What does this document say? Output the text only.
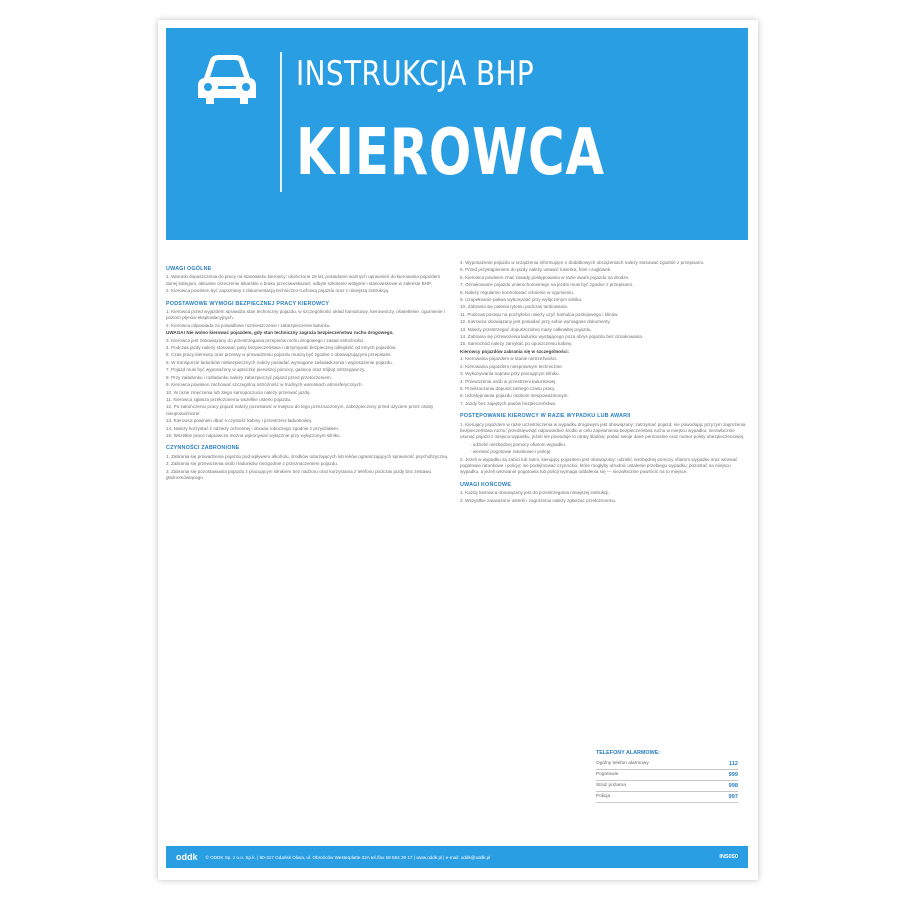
INSTRUKCJA BHP
KIEROWCA
UWAGI OGÓLNE
1. Warunki dopuszczenia do pracy na stanowisku kierowcy: ukończone 18 lat, posiadanie ważnych uprawnień do kierowania pojazdem danej kategorii, aktualne orzeczenie lekarskie o braku przeciwwskazań, odbyte szkolenie wstępne i stanowiskowe w zakresie BHP.
2. Kierowca powinien być zapoznany z dokumentacją techniczno-ruchową pojazdu oraz z niniejszą instrukcją.
PODSTAWOWE WYMOGI BEZPIECZNEJ PRACY KIEROWCY
1. Kierowca przed wyjazdem sprawdza stan techniczny pojazdu, w szczególności układ hamulcowy, kierowniczy, oświetlenie, ogumienie i poziom płynów eksploatacyjnych.
2. Kierowca odpowiada za prawidłowe rozmieszczenie i zabezpieczenie ładunku.
UWAGA! Nie wolno kierować pojazdem, gdy stan techniczny zagraża bezpieczeństwu ruchu drogowego.
3. Kierowca jest zobowiązany do przestrzegania przepisów ruchu drogowego i zasad ostrożności.
4. Podczas jazdy należy stosować pasy bezpieczeństwa i utrzymywać bezpieczną odległość od innych pojazdów.
5. Czas pracy kierowcy oraz przerwy w prowadzeniu pojazdu muszą być zgodne z obowiązującymi przepisami.
6. W transporcie ładunków niebezpiecznych należy posiadać wymagane zaświadczenia i wyposażenie pojazdu.
7. Pojazd musi być wyposażony w apteczkę pierwszej pomocy, gaśnicę oraz trójkąt ostrzegawczy.
8. Przy załadunku i rozładunku należy zabezpieczyć pojazd przed przetoczeniem.
9. Kierowca powinien zachować szczególną ostrożność w trudnych warunkach atmosferycznych.
10. W razie zmęczenia lub złego samopoczucia należy przerwać jazdę.
11. Kierowca zgłasza przełożonemu wszelkie usterki pojazdu.
12. Po zakończeniu pracy pojazd należy pozostawić w miejscu do tego przeznaczonym, zabezpieczony przed użyciem przez osoby nieupoważnione.
13. Kierowca powinien dbać o czystość kabiny i przestrzeni ładunkowej.
14. Należy korzystać z odzieży ochronnej i obuwia roboczego zgodnie z przydziałem.
15. Wszelkie prace naprawcze można wykonywać wyłącznie przy wyłączonym silniku.
CZYNNOŚCI ZABRONIONE
1. Zabrania się prowadzenia pojazdu pod wpływem alkoholu, środków odurzających lub leków ograniczających sprawność psychofizyczną.
2. Zabrania się przewożenia osób i ładunków niezgodnie z przeznaczeniem pojazdu.
3. Zabrania się pozostawiania pojazdu z pracującym silnikiem bez nadzoru oraz korzystania z telefonu podczas jazdy bez zestawu głośnomówiącego.
4. Wyposażenie pojazdu w urządzenia informujące o dodatkowych obciążeniach należy stosować zgodnie z przepisami.
5. Przed przystąpieniem do jazdy należy ustawić lusterka, fotel i zagłówek.
6. Kierowca powinien znać zasady postępowania w razie awarii pojazdu na drodze.
7. Oznakowanie pojazdu unieruchomionego na jezdni musi być zgodne z przepisami.
8. Należy regularnie kontrolować ciśnienie w ogumieniu.
9. Uzupełnianie paliwa wykonywać przy wyłączonym silniku.
10. Zabrania się palenia tytoniu podczas tankowania.
11. Podczas postoju na pochyłości należy użyć hamulca postojowego i klinów.
12. Kierowca obowiązany jest posiadać przy sobie wymagane dokumenty.
13. Należy przestrzegać dopuszczalnej masy całkowitej pojazdu.
14. Zabrania się przewożenia ładunku wystającego poza obrys pojazdu bez oznakowania.
15. Samochód należy zamykać po opuszczeniu kabiny.
Kierowcy pojazdów zabrania się w szczególności:
1. Kierowania pojazdem w stanie nietrzeźwości.
2. Kierowania pojazdem niesprawnym technicznie.
3. Wykonywania napraw przy pracującym silniku.
4. Przewożenia osób w przestrzeni ładunkowej.
5. Przekraczania dopuszczalnego czasu pracy.
6. Udostępniania pojazdu osobom nieupoważnionym.
7. Jazdy bez zapiętych pasów bezpieczeństwa.
POSTĘPOWANIE KIEROWCY W RAZIE WYPADKU LUB AWARII
1. Kierujący pojazdem w razie uczestniczenia w wypadku drogowym jest obowiązany: zatrzymać pojazd, nie powodując przy tym zagrożenia bezpieczeństwa ruchu; przedsięwziąć odpowiednie środki w celu zapewnienia bezpieczeństwa ruchu w miejscu wypadku; niezwłocznie usunąć pojazd z miejsca wypadku, jeżeli nie powoduje to utraty śladów; podać swoje dane personalne oraz numer polisy ubezpieczeniowej.
- udzielić niezbędnej pomocy ofiarom wypadku.
- wezwać pogotowie ratunkowe i policję.
2. Jeżeli w wypadku są zabici lub ranni, kierujący pojazdem jest obowiązany: udzielić niezbędnej pomocy ofiarom wypadku oraz wezwać pogotowie ratunkowe i policję; nie podejmować czynności, które mogłyby utrudnić ustalenie przebiegu wypadku; pozostać na miejscu wypadku, a jeżeli wezwanie pogotowia lub policji wymaga oddalenia się — niezwłocznie powrócić na to miejsce.
UWAGI KOŃCOWE
1. Każdy kierowca obowiązany jest do przestrzegania niniejszej instrukcji.
2. Wszystkie zauważone usterki i zagrożenia należy zgłaszać przełożonemu.
TELEFONY ALARMOWE:
Ogólny telefon alarmowy	112
Pogotowie	999
Straż pożarna	998
Policja	997
oddk © ODDK Sp. z o.o. Sp.k. | 80-317 Gdańsk Oliwa, ul. Obrońców Westerplatte 32A tel./fax 58 554 29 17 | www.oddk.pl | e-mail: oddk@oddk.pl	INS050
